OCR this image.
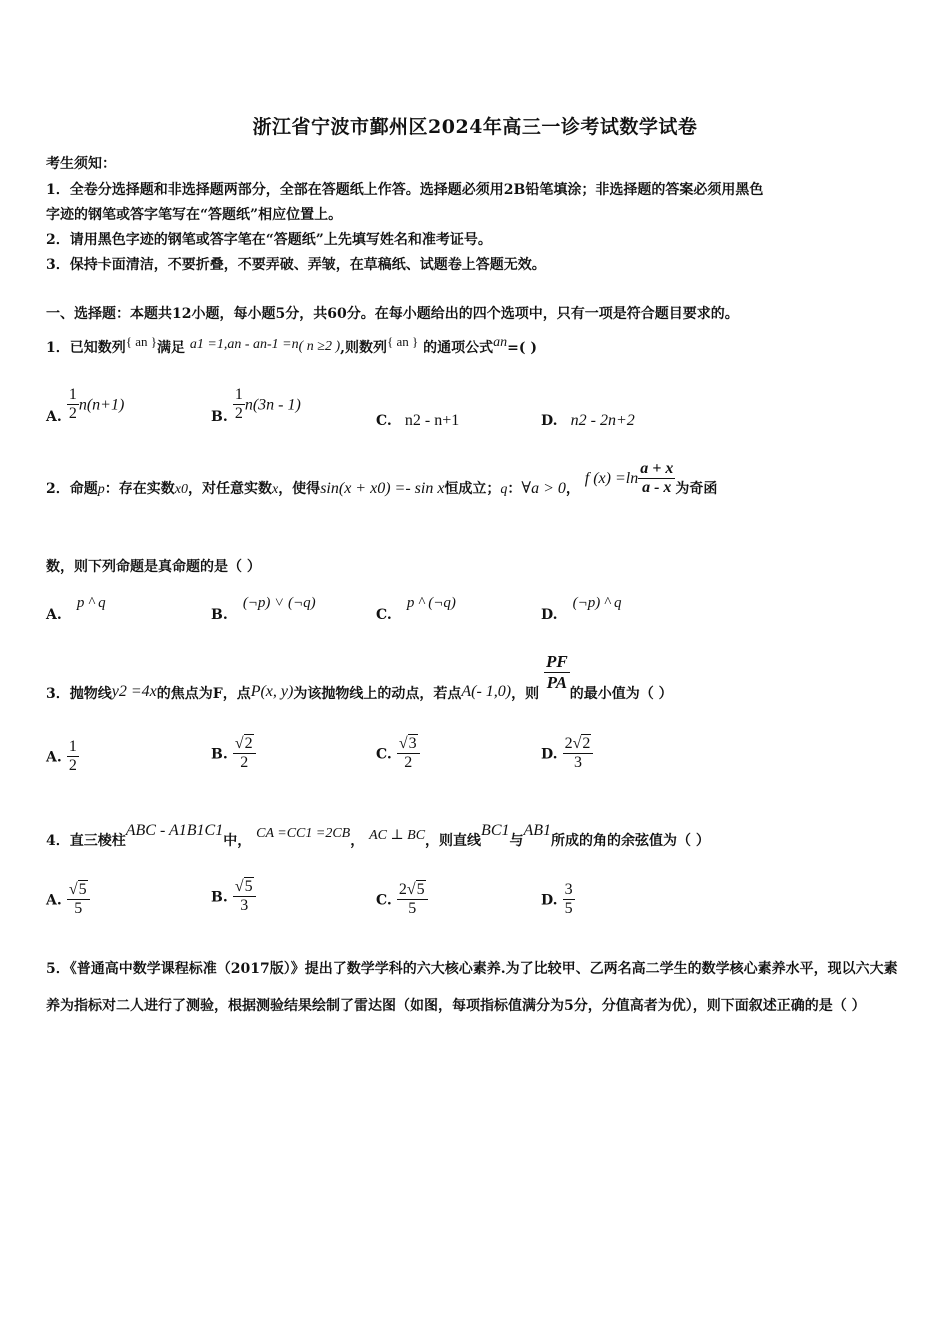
浙江省宁波市鄞州区2024年高三一诊考试数学试卷
考生须知：
1．全卷分选择题和非选择题两部分，全部在答题纸上作答。选择题必须用2B铅笔填涂；非选择题的答案必须用黑色
字迹的钢笔或答字笔写在“答题纸”相应位置上。
2．请用黑色字迹的钢笔或答字笔在“答题纸”上先填写姓名和准考证号。
3．保持卡面清洁，不要折叠，不要弄破、弄皱，在草稿纸、试题卷上答题无效。
一、选择题：本题共12小题，每小题5分，共60分。在每小题给出的四个选项中，只有一项是符合题目要求的。
1．已知数列{ an }满足 a1 =1,an - an-1 =n( n ≥2 ),则数列{ an } 的通项公式an=( )
A. $\frac{1}{2} n(n+1)$
B. $\frac{1}{2} n(3n - 1)$
C. n2 - n+1	D. n2 - 2n+2
2．命题p：存在实数x0，对任意实数x，使得sin(x + x0) =- sin x恒成立；q：∀a > 0， f $(x) =\ln \frac{a + x}{a - x}$ 为奇函
数，则下列命题是真命题的是（ ）
A. p ^ q
B. (¬p) ˅ (¬q)
C. p ^ (¬q)
D. (¬p) ^ q
3．抛物线y2 =4x的焦点为F，点P(x, y)为该抛物线上的动点，若点A(- 1,0)，则
$\frac{PF}{PA}$
的最小值为（ ）
A. $\frac{1}{2}$	B. $\frac{√2}{2}$	C. $\frac{√3}{2}$	D. $\frac{2√2}{3}$
4．直三棱柱ABC - A1B1C1中， CA =CC1 =2CB， AC ⊥ BC，则直线BC1与AB1所成的角的余弦值为（ ）
A. $\frac{√5}{5}$	B. $\frac{√5}{3}$	C. $\frac{2√5}{5}$	D. $\frac{3}{5}$
5．《普通高中数学课程标准（2017版）》提出了数学学科的六大核心素养.为了比较甲、乙两名高二学生的数学核心素养水平，现以六大素养为指标对二人进行了测验，根据测验结果绘制了雷达图（如图，每项指标值满分为5分，分值高者为优），则下面叙述正确的是（ ）
